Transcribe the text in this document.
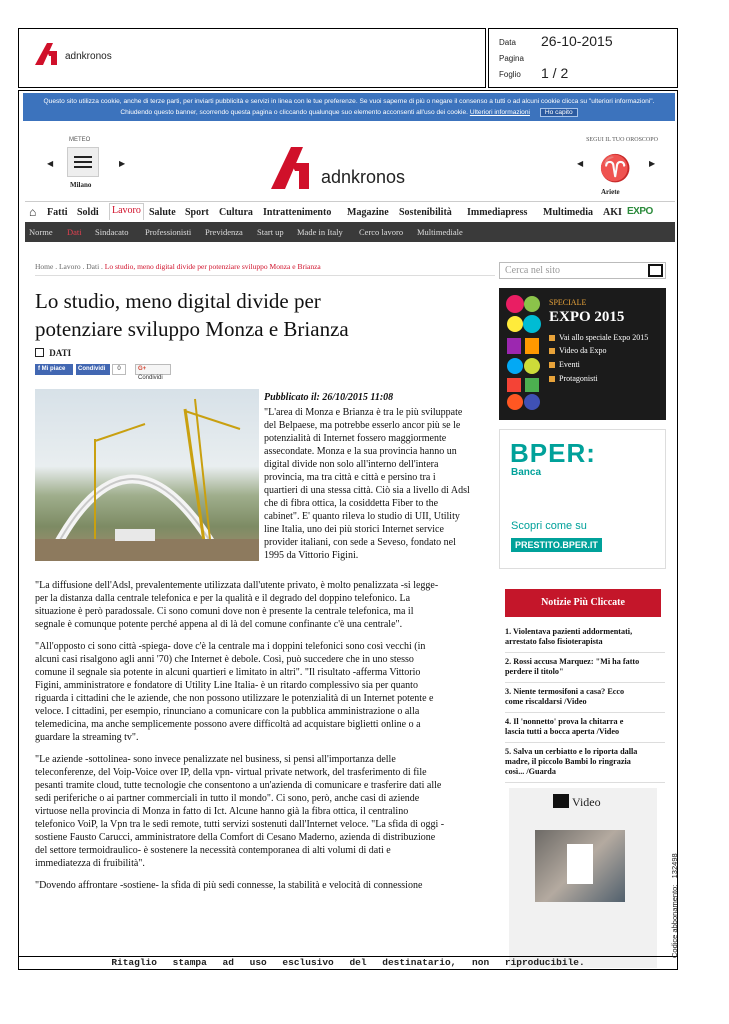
adnkronos
Data 26-10-2015
Pagina
Foglio 1 / 2
Questo sito utilizza cookie, anche di terze parti, per inviarti pubblicità e servizi in linea con le tue preferenze. Se vuoi saperne di più o negare il consenso a tutti o ad alcuni cookie clicca su "ulteriori informazioni".
Chiudendo questo banner, scorrendo questa pagina o cliccando qualunque suo elemento acconsenti all'uso dei cookie. Ulteriori informazioni Ho capito
METEO
◀	▶
Milano	adnkronos
SEGUI IL TUO OROSCOPO
◀ ♈ ▶
Ariete
⌂ Fatti Soldi	Lavoro Salute Sport Cultura Intrattenimento Magazine Sostenibilità Immediapress Multimedia AKI EXPO
Norme Dati Sindacato Professionisti Previdenza Start up Made in Italy Cerco lavoro Multimediale
Home . Lavoro . Dati . Lo studio, meno digital divide per potenziare sviluppo Monza e Brianza
Lo studio, meno digital divide per
potenziare sviluppo Monza e Brianza
DATI
f Mi piace	Condividi	0	G+ Condividi
Pubblicato il: 26/10/2015 11:08
"L'area di Monza e Brianza è tra le più sviluppate
del Belpaese, ma potrebbe esserlo ancor più se le
potenzialità di Internet fossero maggiormente
assecondate. Monza e la sua provincia hanno un
digital divide non solo all'interno dell'intera
provincia, ma tra città e città e persino tra i
quartieri di una stessa città. Ciò sia a livello di Adsl
che di fibra ottica, la cosiddetta Fiber to the
cabinet". E' quanto rileva lo studio di UII, Utility
line Italia, uno dei più storici Internet service
provider italiani, con sede a Seveso, fondato nel
1995 da Vittorio Figini.
"La diffusione dell'Adsl, prevalentemente utilizzata dall'utente privato, è molto penalizzata -si legge-
per la distanza dalla centrale telefonica e per la qualità e il degrado del doppino telefonico. La
situazione è però paradossale. Ci sono comuni dove non è presente la centrale telefonica, ma il
segnale è comunque potente perché appena al di là del comune confinante c'è una centrale".
"All'opposto ci sono città -spiega- dove c'è la centrale ma i doppini telefonici sono così vecchi (in
alcuni casi risalgono agli anni '70) che Internet è debole. Così, può succedere che in uno stesso
comune il segnale sia potente in alcuni quartieri e limitato in altri". "Il risultato -afferma Vittorio
Figini, amministratore e fondatore di Utility Line Italia- è un ritardo complessivo sia per quanto
riguarda i cittadini che le aziende, che non possono utilizzare le potenzialità di un Internet potente e
veloce. I cittadini, per esempio, rinunciano a comunicare con la pubblica amministrazione o alla
telemedicina, ma anche semplicemente possono avere difficoltà ad acquistare biglietti online o a
guardare la streaming tv".
"Le aziende -sottolinea- sono invece penalizzate nel business, si pensi all'importanza delle
teleconferenze, del Voip-Voice over IP, della vpn- virtual private network, del trasferimento di file
pesanti tramite cloud, tutte tecnologie che consentono a un'azienda di comunicare e trasferire dati alle
sedi periferiche o ai partner commerciali in tutto il mondo". Ci sono, però, anche casi di aziende
virtuose nella provincia di Monza in fatto di Ict. Alcune hanno già la fibra ottica, il centralino
telefonico VoiP, la Vpn tra le sedi remote, tutti servizi sostenuti dall'Internet veloce. "La sfida di oggi -
sostiene Fausto Carucci, amministratore della Comfort di Cesano Maderno, azienda di distribuzione
del settore termoidraulico- è sostenere la necessità contemporanea di alti volumi di dati e
immediatezza di fruibilità".
"Dovendo affrontare -sostiene- la sfida di più sedi connesse, la stabilità e velocità di connessione
Cerca nel sito
SPECIALE
EXPO 2015
Vai allo speciale Expo 2015
Video da Expo
Eventi
Protagonisti
BPER:
Banca
Scopri come su
PRESTITO.BPER.IT
Notizie Più Cliccate
1. Violentava pazienti addormentati,
arrestato falso fisioterapista
2. Rossi accusa Marquez: "Mi ha fatto
perdere il titolo"
3. Niente termosifoni a casa? Ecco
come riscaldarsi /Video
4. Il 'nonnetto' prova la chitarra e
lascia tutti a bocca aperta /Video
5. Salva un cerbiatto e lo riporta dalla
madre, il piccolo Bambi lo ringrazia
così... /Guarda
Video
Ritaglio stampa ad uso esclusivo del destinatario, non riproducibile.
Codice abbonamento:   132498
